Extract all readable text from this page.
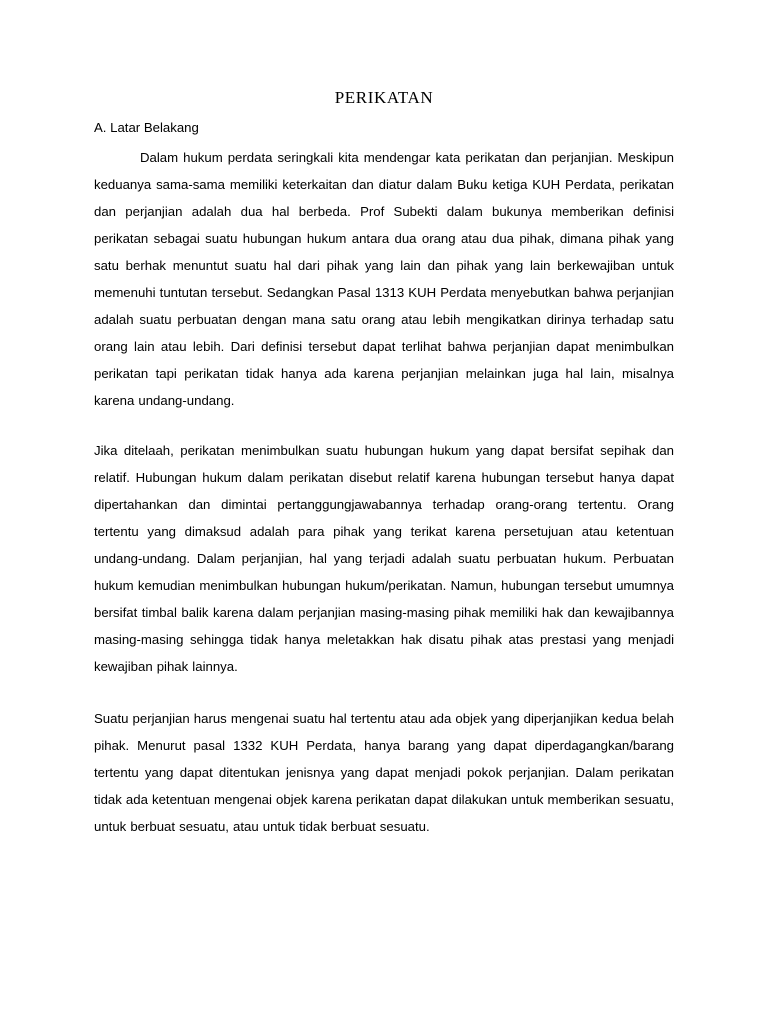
PERIKATAN
A. Latar Belakang

Dalam hukum perdata seringkali kita mendengar kata perikatan dan perjanjian. Meskipun keduanya sama-sama memiliki keterkaitan dan diatur dalam Buku ketiga KUH Perdata, perikatan dan perjanjian adalah dua hal berbeda. Prof Subekti dalam bukunya memberikan definisi perikatan sebagai suatu hubungan hukum antara dua orang atau dua pihak, dimana pihak yang satu berhak menuntut suatu hal dari pihak yang lain dan pihak yang lain berkewajiban untuk memenuhi tuntutan tersebut. Sedangkan Pasal 1313 KUH Perdata menyebutkan bahwa perjanjian adalah suatu perbuatan dengan mana satu orang atau lebih mengikatkan dirinya terhadap satu orang lain atau lebih. Dari definisi tersebut dapat terlihat bahwa perjanjian dapat menimbulkan perikatan tapi perikatan tidak hanya ada karena perjanjian melainkan juga hal lain, misalnya karena undang-undang.

Jika ditelaah, perikatan menimbulkan suatu hubungan hukum yang dapat bersifat sepihak dan relatif. Hubungan hukum dalam perikatan disebut relatif karena hubungan tersebut hanya dapat dipertahankan dan dimintai pertanggungjawabannya terhadap orang-orang tertentu. Orang tertentu yang dimaksud adalah para pihak yang terikat karena persetujuan atau ketentuan undang-undang. Dalam perjanjian, hal yang terjadi adalah suatu perbuatan hukum. Perbuatan hukum kemudian menimbulkan hubungan hukum/perikatan. Namun, hubungan tersebut umumnya bersifat timbal balik karena dalam perjanjian masing-masing pihak memiliki hak dan kewajibannya masing-masing sehingga tidak hanya meletakkan hak disatu pihak atas prestasi yang menjadi kewajiban pihak lainnya.

Suatu perjanjian harus mengenai suatu hal tertentu atau ada objek yang diperjanjikan kedua belah pihak. Menurut pasal 1332 KUH Perdata, hanya barang yang dapat diperdagangkan/barang tertentu yang dapat ditentukan jenisnya yang dapat menjadi pokok perjanjian. Dalam perikatan tidak ada ketentuan mengenai objek karena perikatan dapat dilakukan untuk memberikan sesuatu, untuk berbuat sesuatu, atau untuk tidak berbuat sesuatu.
